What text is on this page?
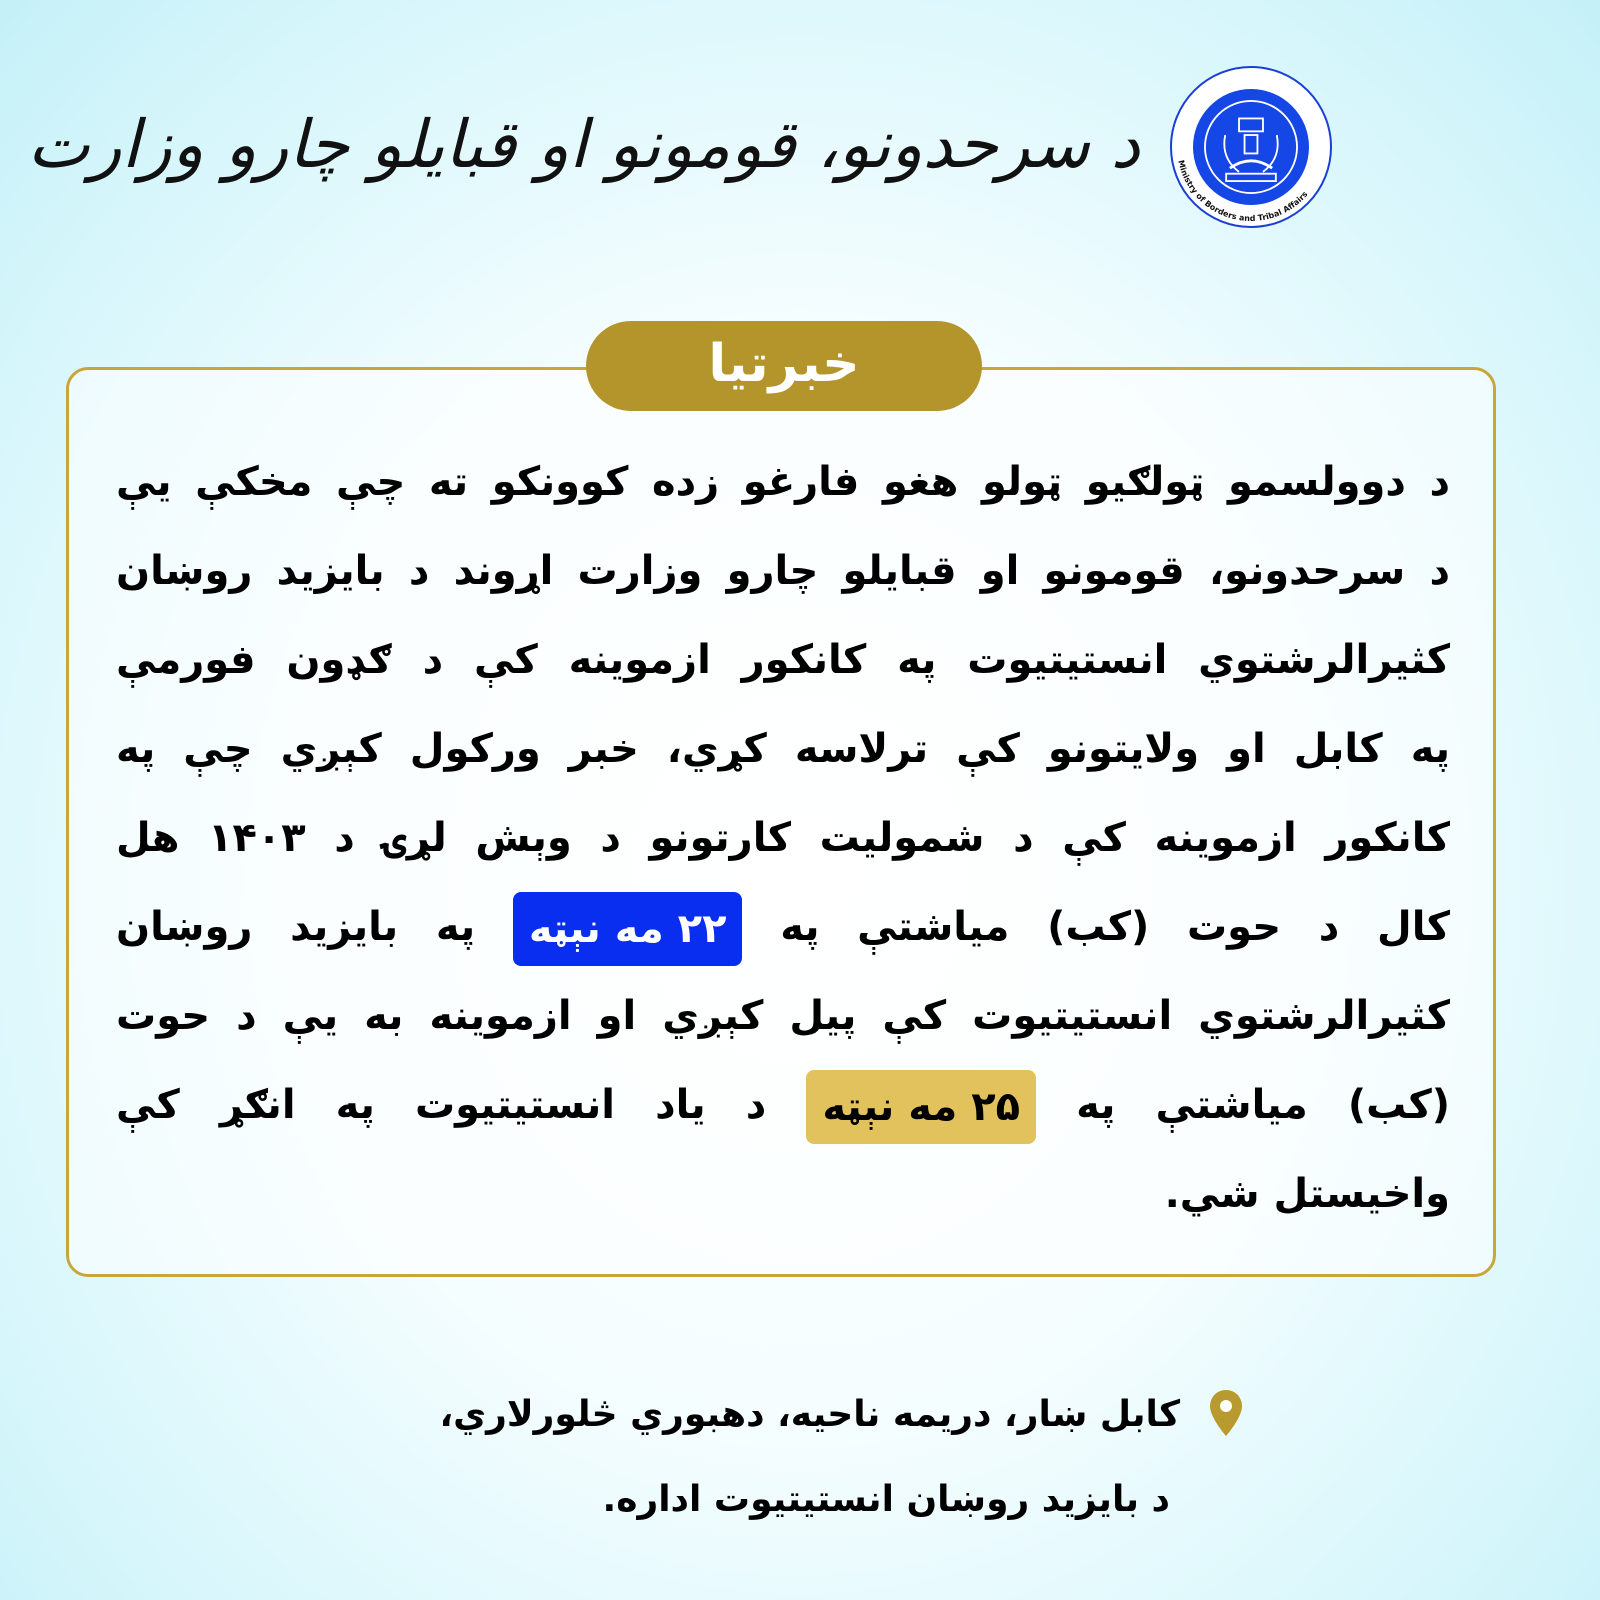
د سرحدونو، قومونو او قبایلو چارو وزارت	Ministry of Borders and Tribal Affairs
خبرتیا
د دوولسمو ټولګیو ټولو هغو فارغو زده کوونکو ته چې مخکې یې
د سرحدونو، قومونو او قبایلو چارو وزارت اړوند د بایزید روښان
کثیرالرشتوي انستیتیوت په کانکور ازموینه کې د ګډون فورمې
په کابل او ولایتونو کې ترلاسه کړي، خبر ورکول کېږي چې په
کانکور ازموینه کې د شمولیت کارتونو د وېش لړۍ د ۱۴۰۳ هل
کال د حوت (کب) میاشتې په ۲۲ مه نېټه په بایزید روښان
کثیرالرشتوي انستیتیوت کې پیل کېږي او ازموینه به یې د حوت
(کب) میاشتې په ۲۵ مه نېټه د یاد انستیتیوت په انګړ کې
واخیستل شي.
کابل ښار، دریمه ناحیه، دهبوري څلورلاري،
د بایزید روښان انستیتیوت اداره.
